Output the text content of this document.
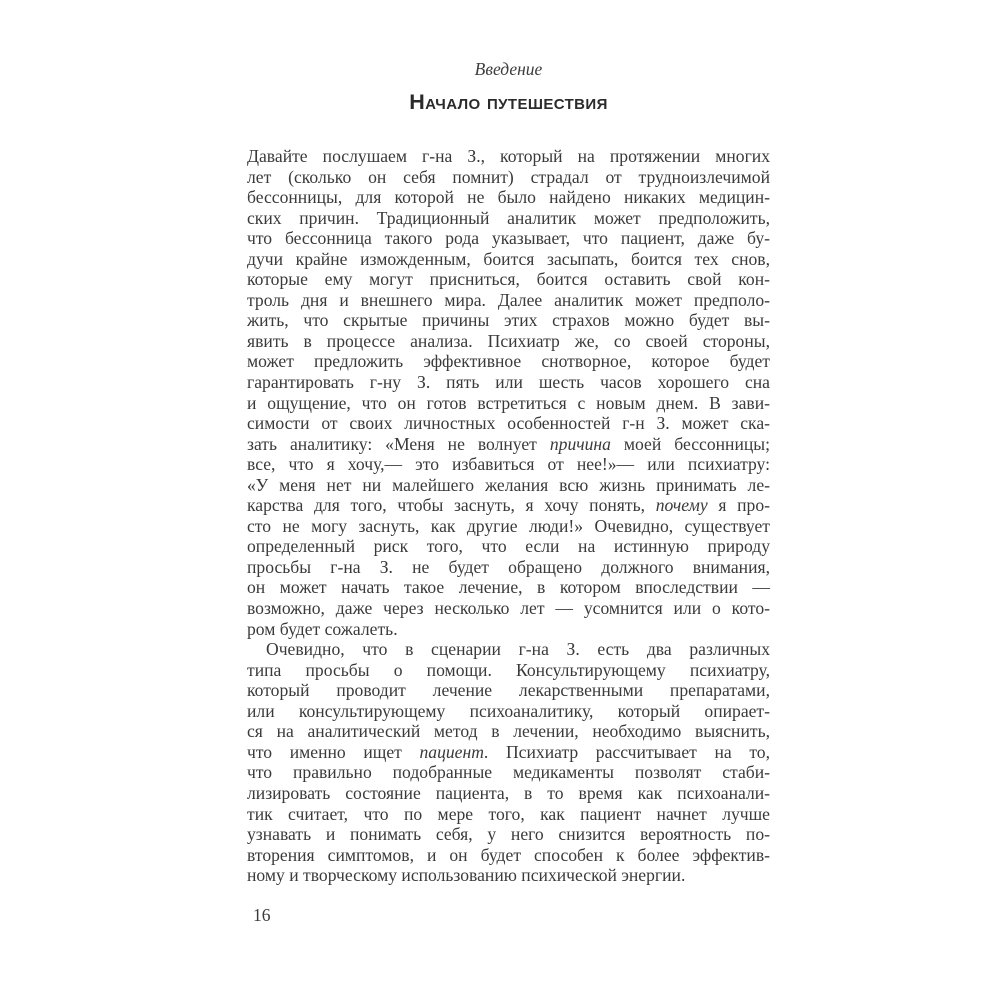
Введение
Начало путешествия
Давайте послушаем г-на З., который на протяжении многих
лет (сколько он себя помнит) страдал от трудноизлечимой
бессонницы, для которой не было найдено никаких медицин-
ских причин. Традиционный аналитик может предположить,
что бессонница такого рода указывает, что пациент, даже бу-
дучи крайне изможденным, боится засыпать, боится тех снов,
которые ему могут присниться, боится оставить свой кон-
троль дня и внешнего мира. Далее аналитик может предполо-
жить, что скрытые причины этих страхов можно будет вы-
явить в процессе анализа. Психиатр же, со своей стороны,
может предложить эффективное снотворное, которое будет
гарантировать г-ну З. пять или шесть часов хорошего сна
и ощущение, что он готов встретиться с новым днем. В зави-
симости от своих личностных особенностей г-н З. может ска-
зать аналитику: «Меня не волнует причина моей бессонницы;
все, что я хочу,— это избавиться от нее!»— или психиатру:
«У меня нет ни малейшего желания всю жизнь принимать ле-
карства для того, чтобы заснуть, я хочу понять, почему я про-
сто не могу заснуть, как другие люди!» Очевидно, существует
определенный риск того, что если на истинную природу
просьбы г-на З. не будет обращено должного внимания,
он может начать такое лечение, в котором впоследствии —
возможно, даже через несколько лет — усомнится или о кото-
ром будет сожалеть.
Очевидно, что в сценарии г-на З. есть два различных
типа просьбы о помощи. Консультирующему психиатру,
который проводит лечение лекарственными препаратами,
или консультирующему психоаналитику, который опирает-
ся на аналитический метод в лечении, необходимо выяснить,
что именно ищет пациент. Психиатр рассчитывает на то,
что правильно подобранные медикаменты позволят стаби-
лизировать состояние пациента, в то время как психоанали-
тик считает, что по мере того, как пациент начнет лучше
узнавать и понимать себя, у него снизится вероятность по-
вторения симптомов, и он будет способен к более эффектив-
ному и творческому использованию психической энергии.
16
